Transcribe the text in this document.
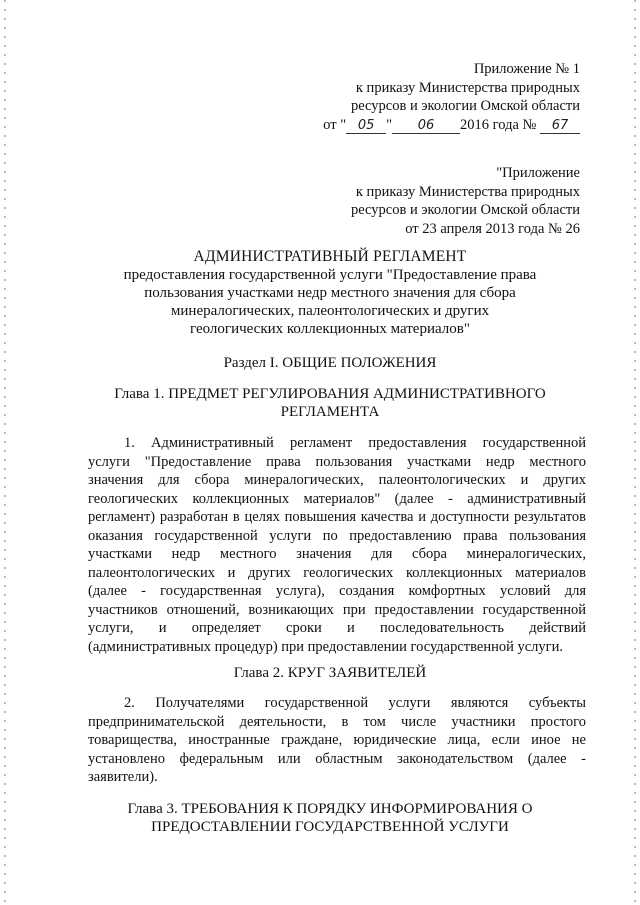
Приложение № 1
к приказу Министерства природных
ресурсов и экологии Омской области
от " 05 " 06 2016 года № 67
"Приложение
к приказу Министерства природных
ресурсов и экологии Омской области
от 23 апреля 2013 года № 26
АДМИНИСТРАТИВНЫЙ РЕГЛАМЕНТ
предоставления государственной услуги "Предоставление права
пользования участками недр местного значения для сбора
минералогических, палеонтологических и других
геологических коллекционных материалов"
Раздел I. ОБЩИЕ ПОЛОЖЕНИЯ
Глава 1. ПРЕДМЕТ РЕГУЛИРОВАНИЯ АДМИНИСТРАТИВНОГО
РЕГЛАМЕНТА
1. Административный регламент предоставления государственной
услуги "Предоставление права пользования участками недр местного
значения для сбора минералогических, палеонтологических и других
геологических коллекционных материалов" (далее - административный
регламент) разработан в целях повышения качества и доступности результатов
оказания государственной услуги по предоставлению права пользования
участками недр местного значения для сбора минералогических,
палеонтологических и других геологических коллекционных материалов
(далее - государственная услуга), создания комфортных условий для
участников отношений, возникающих при предоставлении государственной
услуги, и определяет сроки и последовательность действий
(административных процедур) при предоставлении государственной услуги.
Глава 2. КРУГ ЗАЯВИТЕЛЕЙ
2. Получателями государственной услуги являются субъекты
предпринимательской деятельности, в том числе участники простого
товарищества, иностранные граждане, юридические лица, если иное не
установлено федеральным или областным законодательством (далее -
заявители).
Глава 3. ТРЕБОВАНИЯ К ПОРЯДКУ ИНФОРМИРОВАНИЯ О
ПРЕДОСТАВЛЕНИИ ГОСУДАРСТВЕННОЙ УСЛУГИ
